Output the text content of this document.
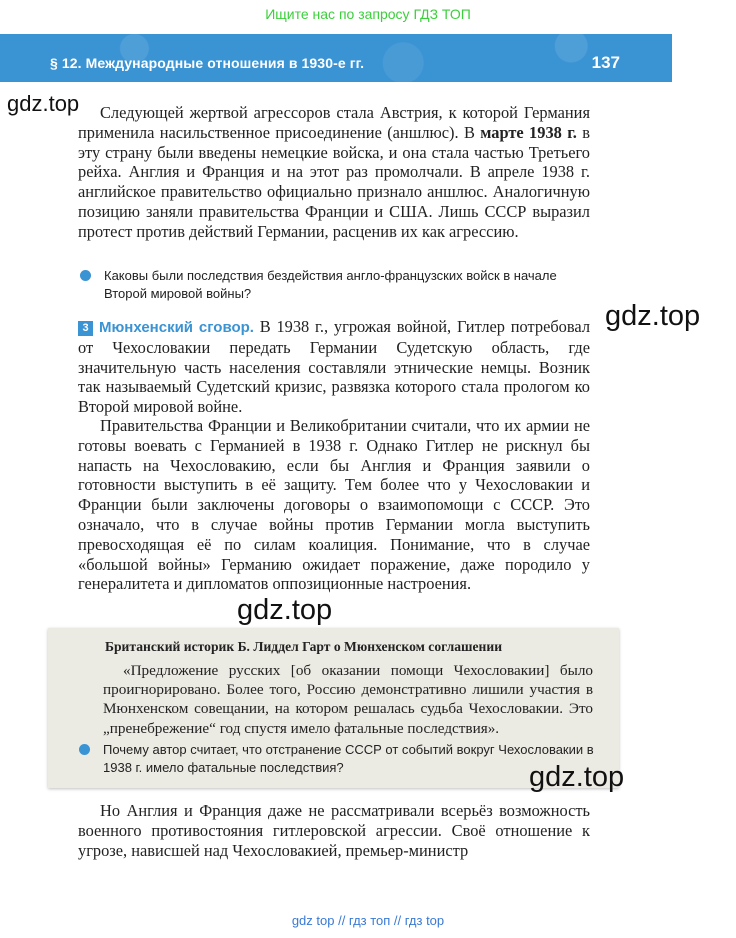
Ищите нас по запросу ГДЗ ТОП
§ 12. Международные отношения в 1930-е гг.	137
gdz.top	Следующей жертвой агрессоров стала Австрия, к которой Германия применила насильственное присоединение (аншлюс). В марте 1938 г. в эту страну были введены немецкие войска, и она стала частью Третьего рейха. Англия и Франция и на этот раз промолчали. В апреле 1938 г. английское правительство официально признало аншлюс. Аналогичную позицию заняли правительства Франции и США. Лишь СССР выразил протест против действий Германии, расценив их как агрессию.

Каковы были последствия бездействия англо-французских войск в начале Второй мировой войны?
gdz.top

3 Мюнхенский сговор. В 1938 г., угрожая войной, Гитлер потребовал от Чехословакии передать Германии Судетскую область, где значительную часть населения составляли этнические немцы. Возник так называемый Судетский кризис, развязка которого стала прологом ко Второй мировой войне.

Правительства Франции и Великобритании считали, что их армии не готовы воевать с Германией в 1938 г. Однако Гитлер не рискнул бы напасть на Чехословакию, если бы Англия и Франция заявили о готовности выступить в её защиту. Тем более что у Чехословакии и Франции были заключены договоры о взаимопомощи с СССР. Это означало, что в случае войны против Германии могла выступить превосходящая её по силам коалиция. Понимание, что в случае «большой войны» Германию ожидает поражение, даже породило у генералитета и дипломатов оппозиционные настроения.

gdz.top
Британский историк Б. Лиддел Гарт о Мюнхенском соглашении

«Предложение русских [об оказании помощи Чехословакии] было проигнорировано. Более того, Россию демонстративно лишили участия в Мюнхенском совещании, на котором решалась судьба Чехословакии. Это „пренебрежение“ год спустя имело фатальные последствия».

Почему автор считает, что отстранение СССР от событий вокруг Чехословакии в 1938 г. имело фатальные последствия?	gdz.top

Но Англия и Франция даже не рассматривали всерьёз возможность военного противостояния гитлеровской агрессии. Своё отношение к угрозе, нависшей над Чехословакией, премьер-министр

gdz top // гдз топ // гдз top
